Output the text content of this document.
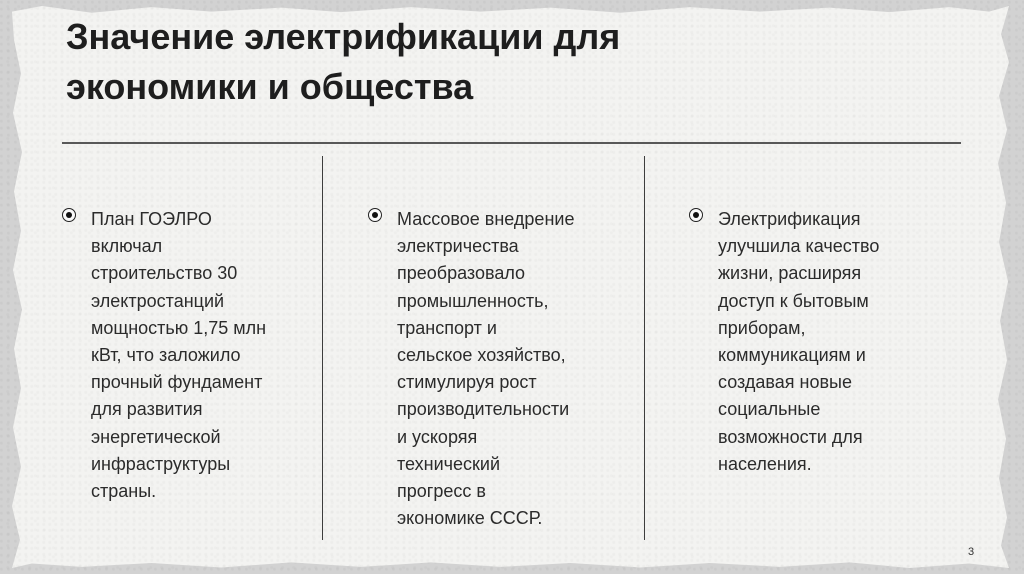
Значение электрификации для
экономики и общества

План ГОЭЛРО
включал
строительство 30
электростанций
мощностью 1,75 млн
кВт, что заложило
прочный фундамент
для развития
энергетической
инфраструктуры
страны.

Массовое внедрение
электричества
преобразовало
промышленность,
транспорт и
сельское хозяйство,
стимулируя рост
производительности
и ускоряя
технический
прогресс в
экономике СССР.

Электрификация
улучшила качество
жизни, расширяя
доступ к бытовым
приборам,
коммуникациям и
создавая новые
социальные
возможности для
населения.

3
